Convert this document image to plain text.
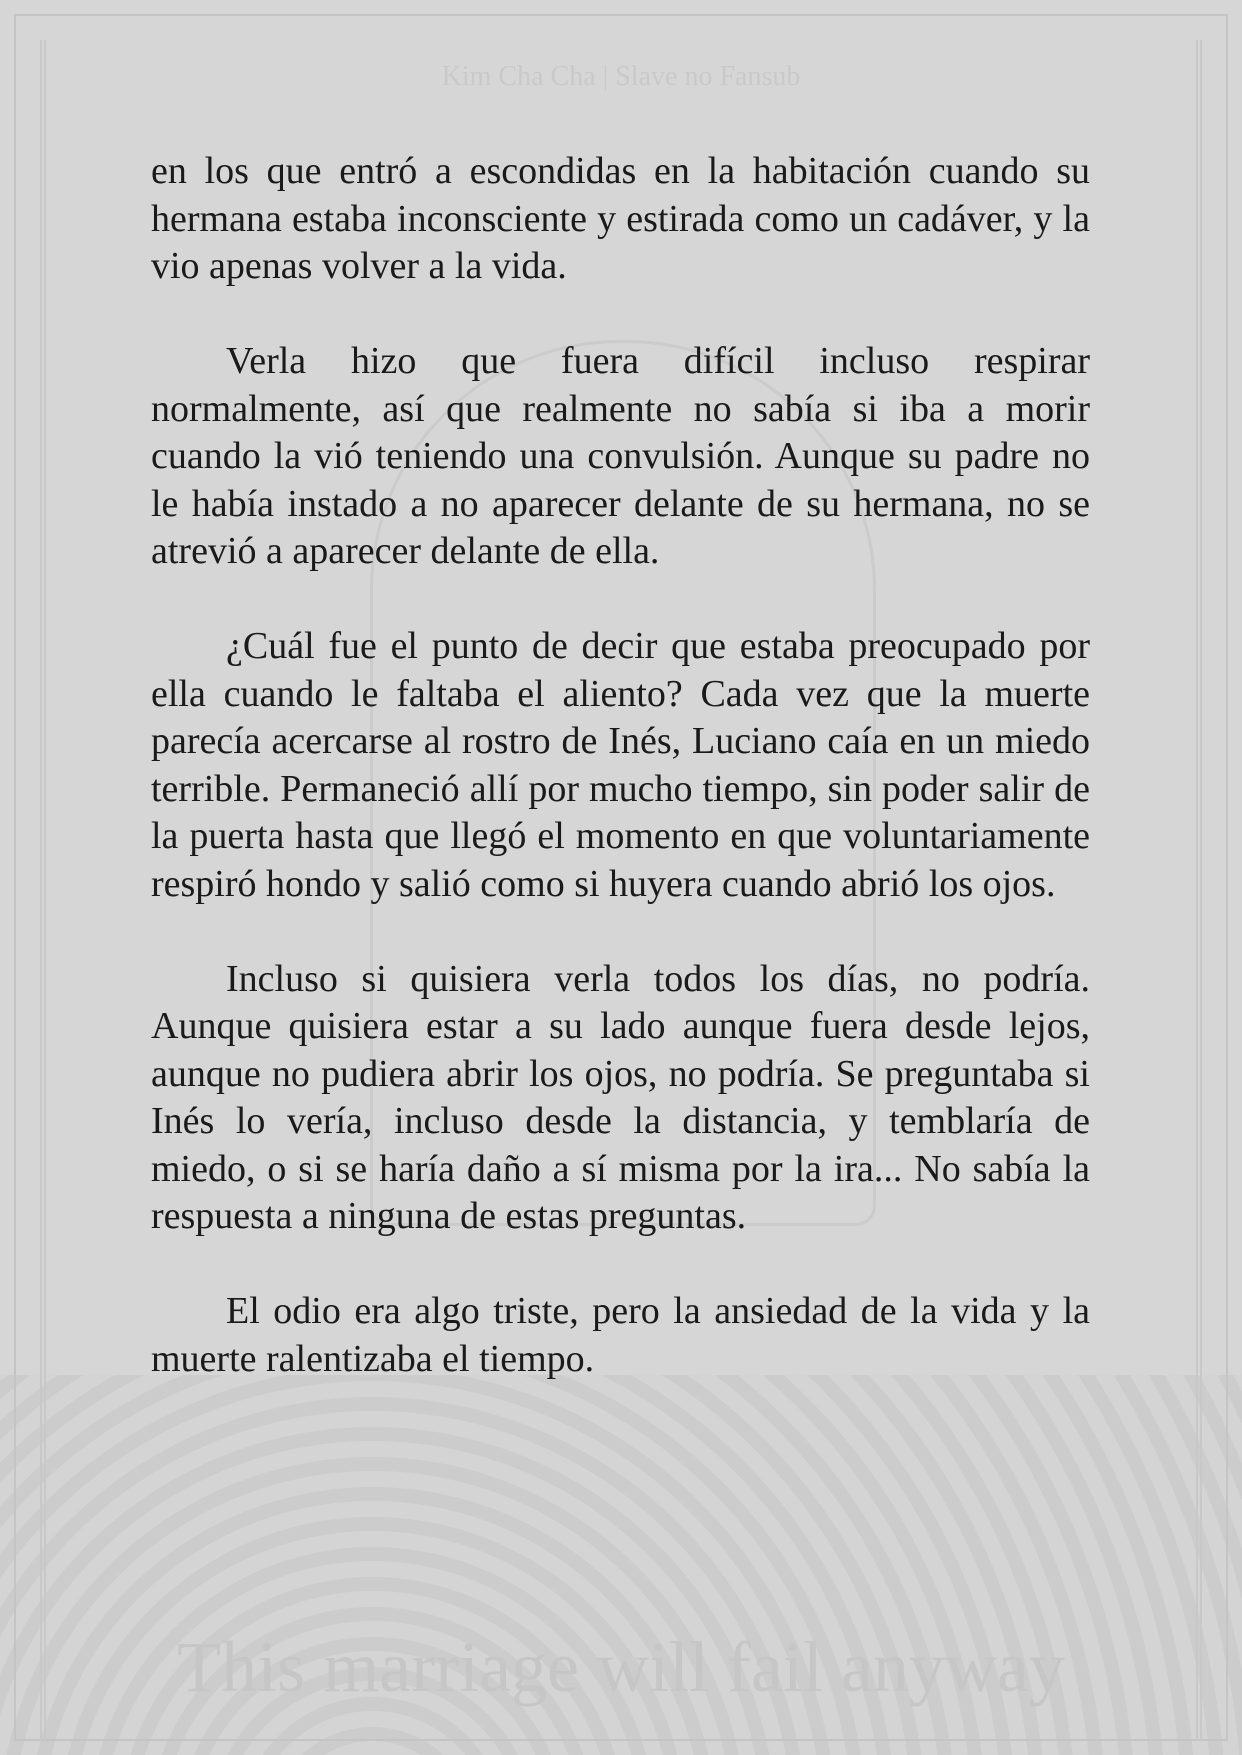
Kim Cha Cha | Slave no Fansub
This marriage will fail anyway

en los que entró a escondidas en la habitación cuando su hermana estaba inconsciente y estirada como un cadáver, y la vio apenas volver a la vida.

Verla hizo que fuera difícil incluso respirar normalmente, así que realmente no sabía si iba a morir cuando la vió teniendo una convulsión. Aunque su padre no le había instado a no aparecer delante de su hermana, no se atrevió a aparecer delante de ella.

¿Cuál fue el punto de decir que estaba preocupado por ella cuando le faltaba el aliento? Cada vez que la muerte parecía acercarse al rostro de Inés, Luciano caía en un miedo terrible. Permaneció allí por mucho tiempo, sin poder salir de la puerta hasta que llegó el momento en que voluntariamente respiró hondo y salió como si huyera cuando abrió los ojos.

Incluso si quisiera verla todos los días, no podría. Aunque quisiera estar a su lado aunque fuera desde lejos, aunque no pudiera abrir los ojos, no podría. Se preguntaba si Inés lo vería, incluso desde la distancia, y temblaría de miedo, o si se haría daño a sí misma por la ira... No sabía la respuesta a ninguna de estas preguntas.

El odio era algo triste, pero la ansiedad de la vida y la muerte ralentizaba el tiempo.
